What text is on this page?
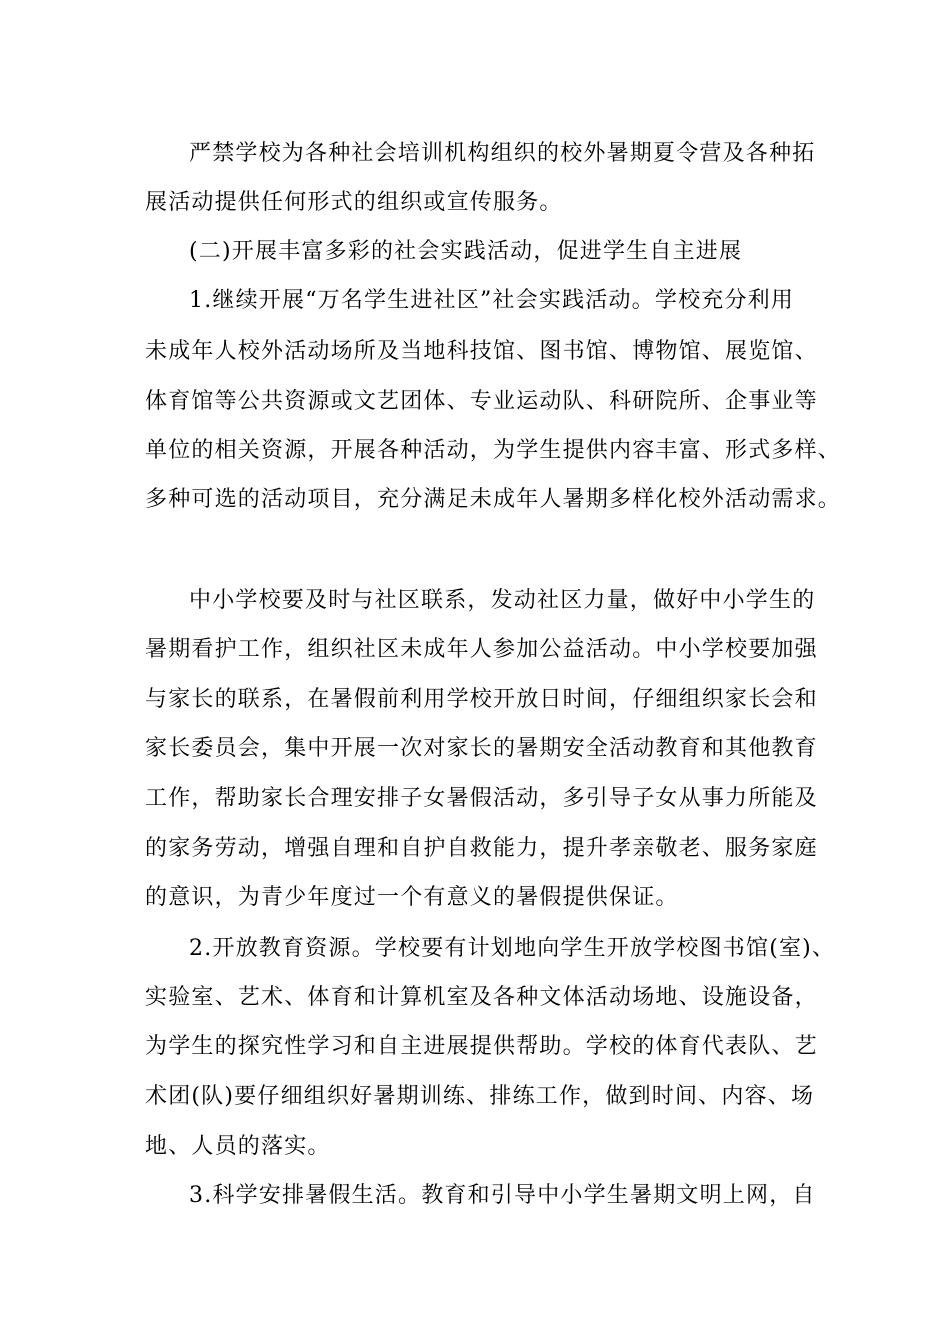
严禁学校为各种社会培训机构组织的校外暑期夏令营及各种拓
展活动提供任何形式的组织或宣传服务。
(二)开展丰富多彩的社会实践活动，促进学生自主进展
1.继续开展“万名学生进社区”社会实践活动。学校充分利用
未成年人校外活动场所及当地科技馆、图书馆、博物馆、展览馆、
体育馆等公共资源或文艺团体、专业运动队、科研院所、企事业等
单位的相关资源，开展各种活动，为学生提供内容丰富、形式多样、
多种可选的活动项目，充分满足未成年人暑期多样化校外活动需求。
中小学校要及时与社区联系，发动社区力量，做好中小学生的
暑期看护工作，组织社区未成年人参加公益活动。中小学校要加强
与家长的联系，在暑假前利用学校开放日时间，仔细组织家长会和
家长委员会，集中开展一次对家长的暑期安全活动教育和其他教育
工作，帮助家长合理安排子女暑假活动，多引导子女从事力所能及
的家务劳动，增强自理和自护自救能力，提升孝亲敬老、服务家庭
的意识，为青少年度过一个有意义的暑假提供保证。
2.开放教育资源。学校要有计划地向学生开放学校图书馆(室)、
实验室、艺术、体育和计算机室及各种文体活动场地、设施设备，
为学生的探究性学习和自主进展提供帮助。学校的体育代表队、艺
术团(队)要仔细组织好暑期训练、排练工作，做到时间、内容、场
地、人员的落实。
3.科学安排暑假生活。教育和引导中小学生暑期文明上网，自
